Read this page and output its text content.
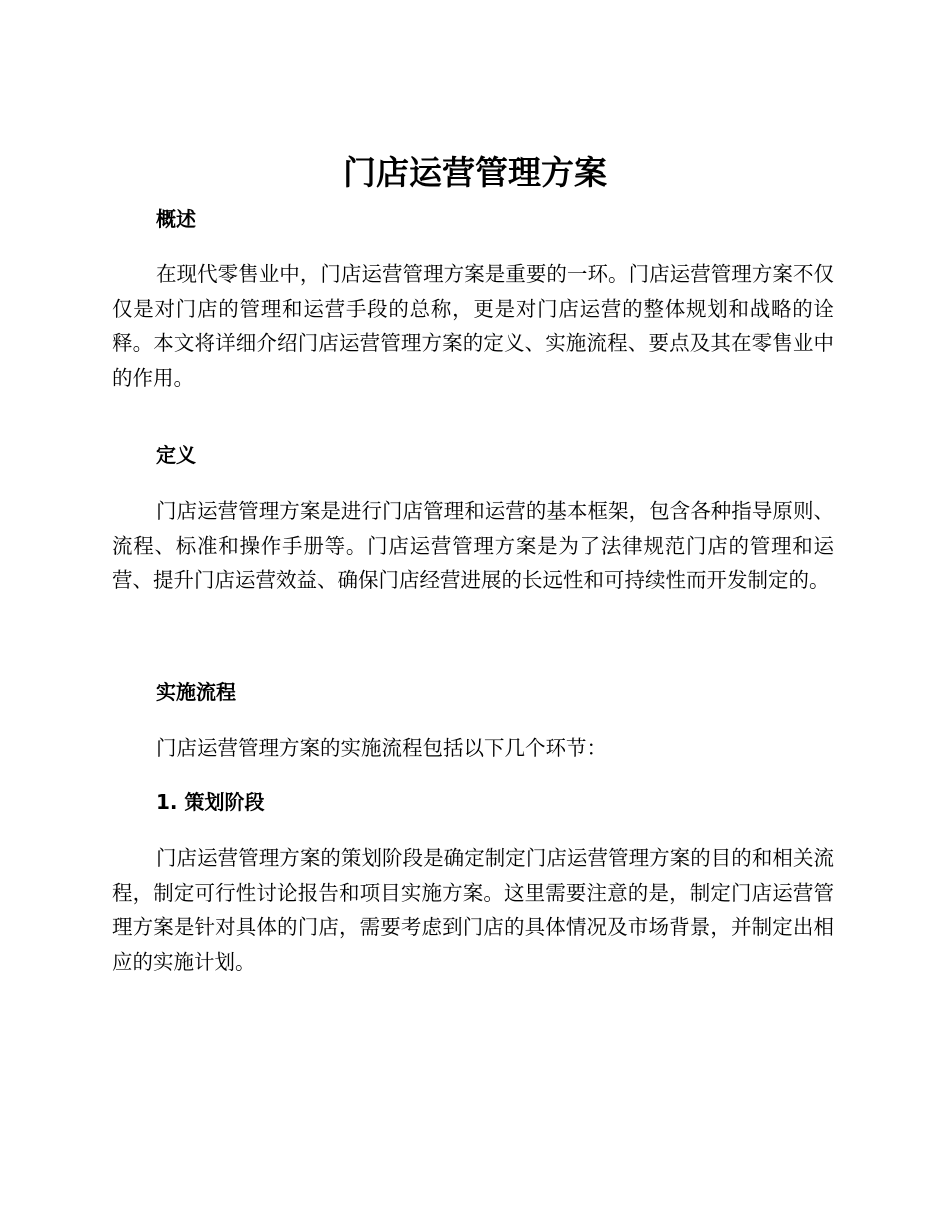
门店运营管理方案
概述

在现代零售业中，门店运营管理方案是重要的一环。门店运营管理方案不仅仅是对门店的管理和运营手段的总称，更是对门店运营的整体规划和战略的诠释。本文将详细介绍门店运营管理方案的定义、实施流程、要点及其在零售业中的作用。

定义

门店运营管理方案是进行门店管理和运营的基本框架，包含各种指导原则、流程、标准和操作手册等。门店运营管理方案是为了法律规范门店的管理和运营、提升门店运营效益、确保门店经营进展的长远性和可持续性而开发制定的。

实施流程

门店运营管理方案的实施流程包括以下几个环节：

1. 策划阶段

门店运营管理方案的策划阶段是确定制定门店运营管理方案的目的和相关流程，制定可行性讨论报告和项目实施方案。这里需要注意的是，制定门店运营管理方案是针对具体的门店，需要考虑到门店的具体情况及市场背景，并制定出相应的实施计划。
